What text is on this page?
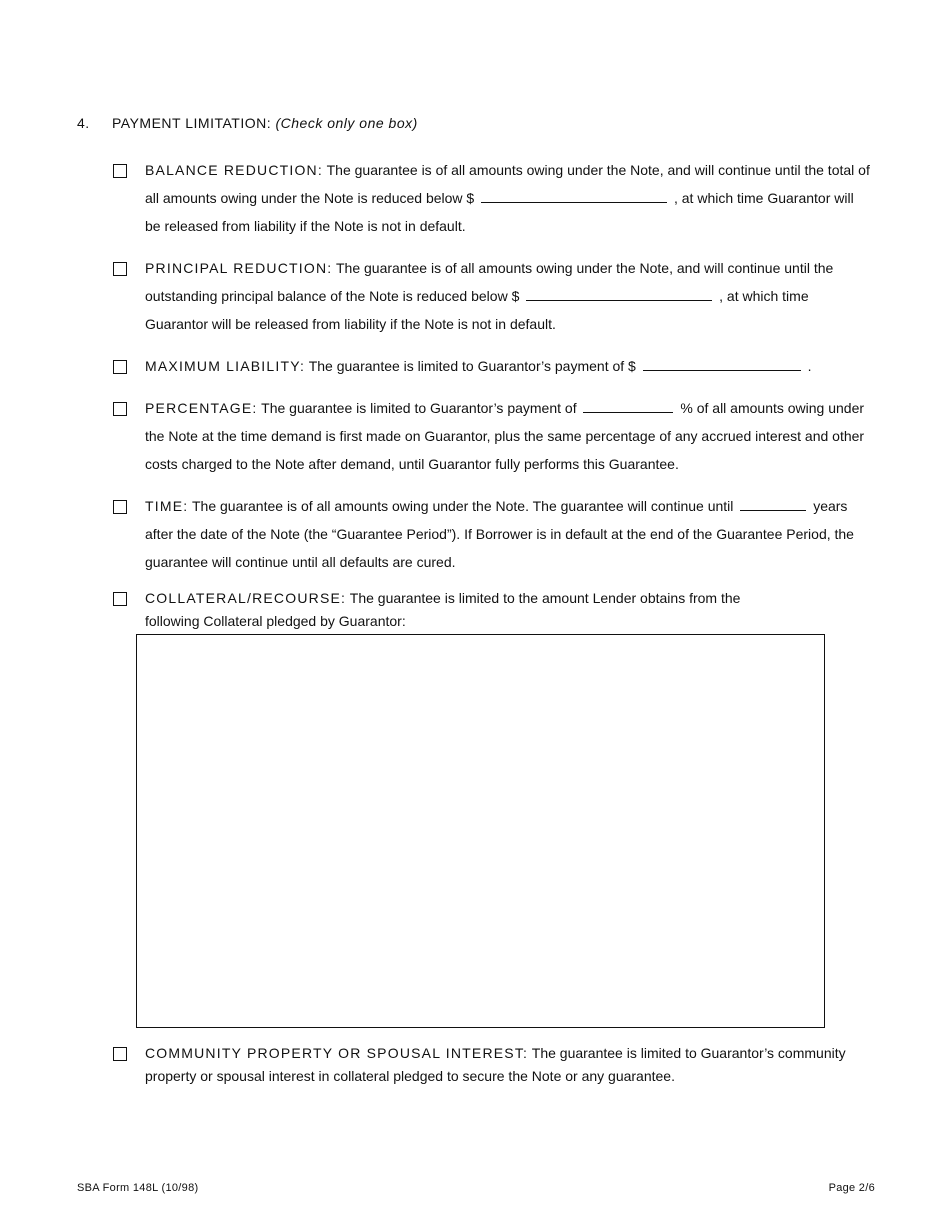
4. PAYMENT LIMITATION: (Check only one box)
BALANCE REDUCTION: The guarantee is of all amounts owing under the Note, and will continue until the total of all amounts owing under the Note is reduced below $	, at which time Guarantor will be released from liability if the Note is not in default.
PRINCIPAL REDUCTION: The guarantee is of all amounts owing under the Note, and will continue until the outstanding principal balance of the Note is reduced below $	, at which time Guarantor will be released from liability if the Note is not in default.
MAXIMUM LIABILITY: The guarantee is limited to Guarantor’s payment of $	.
PERCENTAGE: The guarantee is limited to Guarantor’s payment of	% of all amounts owing under the Note at the time demand is first made on Guarantor, plus the same percentage of any accrued interest and other costs charged to the Note after demand, until Guarantor fully performs this Guarantee.
TIME: The guarantee is of all amounts owing under the Note. The guarantee will continue until	years after the date of the Note (the “Guarantee Period”). If Borrower is in default at the end of the Guarantee Period, the guarantee will continue until all defaults are cured.
COLLATERAL/RECOURSE: The guarantee is limited to the amount Lender obtains from the
following Collateral pledged by Guarantor:
COMMUNITY PROPERTY OR SPOUSAL INTEREST: The guarantee is limited to Guarantor’s community property or spousal interest in collateral pledged to secure the Note or any guarantee.
SBA Form 148L (10/98)	Page 2/6
